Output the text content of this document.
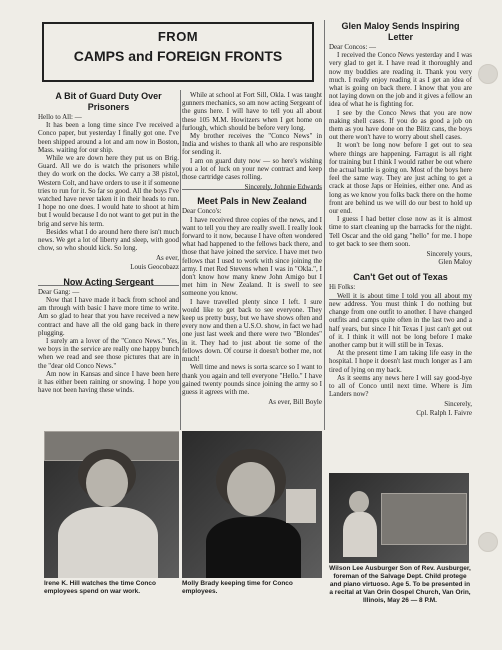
FROM
CAMPS and FOREIGN FRONTS
A Bit of Guard Duty Over Prisoners

Hello to All: —

It has been a long time since I've received a Conco paper, but yesterday I finally got one. I've been shipped around a lot and am now in Boston, Mass. waiting for our ship.

While we are down here they put us on Brig. Guard. All we do is watch the prisoners while they do work on the docks. We carry a 38 pistol, Western Colt, and have orders to use it if someone tries to run for it. So far so good. All the boys I've watched have never taken it in their heads to run. I hope no one does. I would hate to shoot at him but I would because I do not want to get put in the brig and serve his term.

Besides what I do around here there isn't much news. We get a lot of liberty and sleep, with good chow, so who should kick. So long.

As ever,
Louis Geocobazz
Now Acting Sergeant

Dear Gang: —

Now that I have made it back from school and am through with basic I have more time to write. Am so glad to hear that you have received a new contract and have all the old gang back in there plugging.

I surely am a lover of the "Conco News." Yes, we boys in the service are really one happy bunch when we read and see those pictures that are in the "dear old Conco News."

Am now in Kansas and since I have been here it has either been raining or snowing. I hope you have not been having these winds.

While at school at Fort Sill, Okla. I was taught gunners mechanics, so am now acting Sergeant of the guns here. I will have to tell you all about these 105 M.M. Howitzers when I get home on furlough, which should be before very long.

My brother receives the "Conco News" in India and wishes to thank all who are responsible for sending it.

I am on guard duty now — so here's wishing you a lot of luck on your new contract and keep those cartridge cases rolling.

Sincerely, Johnnie Edwards
Meet Pals in New Zealand

Dear Conco's:

I have received three copies of the news, and I want to tell you they are really swell. I really look forward to it now, because I have often wondered what had happened to the fellows back there, and those that have joined the service. I have met two fellows that I used to work with since joining the army. I met Red Stevens when I was in "Okla.", I don't know how many knew John Amigo but I met him in New Zealand. It is swell to see someone you know.

I have travelled plenty since I left. I sure would like to get back to see everyone. They keep us pretty busy, but we have shows often and every now and then a U.S.O. show, in fact we had one just last week and there were two "Blondes" in it. They had to just about tie some of the fellows down. Of course it doesn't bother me, not much!

Well time and news is sorta scarce so I want to thank you again and tell everyone "Hello." I have gained twenty pounds since joining the army so I guess it agrees with me.

As ever, Bill Boyle
Glen Maloy Sends Inspiring Letter

Dear Concos: —

I received the Conco News yesterday and I was very glad to get it. I have read it thoroughly and now my buddies are reading it. Thank you very much. I really enjoy reading it as I get an idea of what is going on back there. I know that you are not laying down on the job and it gives a fellow an idea of what he is fighting for.

I see by the Conco News that you are now making shell cases. If you do as good a job on them as you have done on the Blitz cans, the boys out there won't have to worry about shell cases.

It won't be long now before I get out to sea where things are happening. Farragut is all right for training but I think I would rather be out where the actual battle is going on. Most of the boys here feel the same way. They are just aching to get a crack at those Japs or Heinies, either one. And as long as we know you folks back there on the home front are behind us we will do our best to hold up our end.

I guess I had better close now as it is almost time to start cleaning up the barracks for the night. Tell Oscar and the old gang "hello" for me. I hope to get back to see them soon.

Sincerely yours,
Glen Maloy
Can't Get out of Texas

Hi Folks:

Well it is about time I told you all about my new address. You must think I do nothing but change from one outfit to another. I have changed outfits and camps quite often in the last two and a half years, but since I hit Texas I just can't get out of it. I think it will not be long before I make another camp but it will still be in Texas.

At the present time I am taking life easy in the hospital. I hope it doesn't last much longer as I am tired of lying on my back.

As it seems any news here I will say good-bye to all of Conco until next time. Where is Jim Landers now?

Sincerely,
Cpl. Ralph I. Faivre
Irene K. Hill watches the time Conco employees spend on war work.
Molly Brady keeping time for Conco employees.
Wilson Lee Ausburger Son of Rev. Ausburger, foreman of the Salvage Dept. Child protege and piano virtuoso. Age 5. To be presented in a recital at Van Orin Gospel Church, Van Orin, Illinois, May 26 — 8 P.M.
